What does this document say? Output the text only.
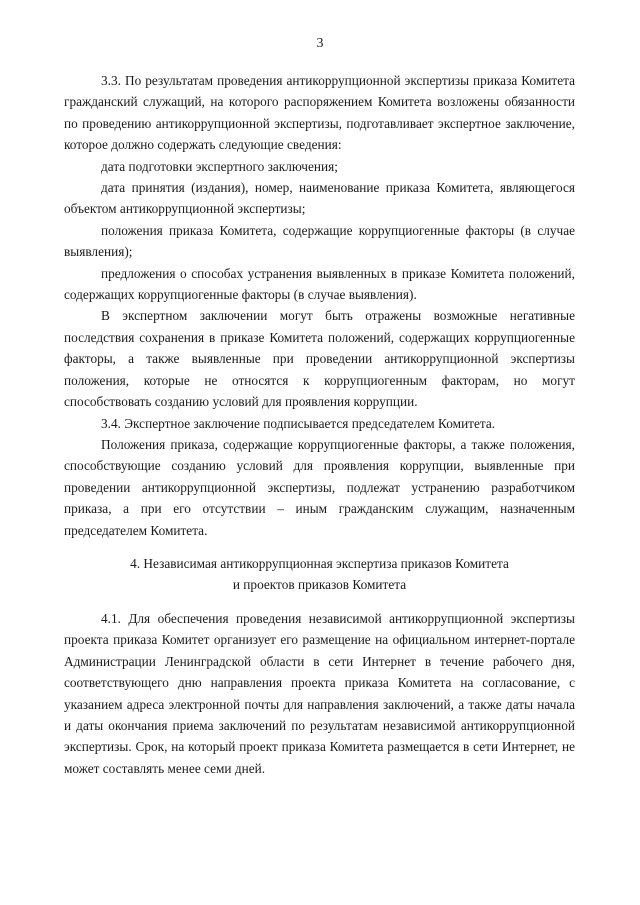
3

3.3. По результатам проведения антикоррупционной экспертизы приказа Комитета гражданский служащий, на которого распоряжением Комитета возложены обязанности по проведению антикоррупционной экспертизы, подготавливает экспертное заключение, которое должно содержать следующие сведения:

дата подготовки экспертного заключения;

дата принятия (издания), номер, наименование приказа Комитета, являющегося объектом антикоррупционной экспертизы;

положения приказа Комитета, содержащие коррупциогенные факторы (в случае выявления);

предложения о способах устранения выявленных в приказе Комитета положений, содержащих коррупциогенные факторы (в случае выявления).

В экспертном заключении могут быть отражены возможные негативные последствия сохранения в приказе Комитета положений, содержащих коррупциогенные факторы, а также выявленные при проведении антикоррупционной экспертизы положения, которые не относятся к коррупциогенным факторам, но могут способствовать созданию условий для проявления коррупции.

3.4. Экспертное заключение подписывается председателем Комитета.

Положения приказа, содержащие коррупциогенные факторы, а также положения, способствующие созданию условий для проявления коррупции, выявленные при проведении антикоррупционной экспертизы, подлежат устранению разработчиком приказа, а при его отсутствии – иным гражданским служащим, назначенным председателем Комитета.

4. Независимая антикоррупционная экспертиза приказов Комитета
и проектов приказов Комитета

4.1. Для обеспечения проведения независимой антикоррупционной экспертизы проекта приказа Комитет организует его размещение на официальном интернет-портале Администрации Ленинградской области в сети Интернет в течение рабочего дня, соответствующего дню направления проекта приказа Комитета на согласование, с указанием адреса электронной почты для направления заключений, а также даты начала и даты окончания приема заключений по результатам независимой антикоррупционной экспертизы. Срок, на который проект приказа Комитета размещается в сети Интернет, не может составлять менее семи дней.
